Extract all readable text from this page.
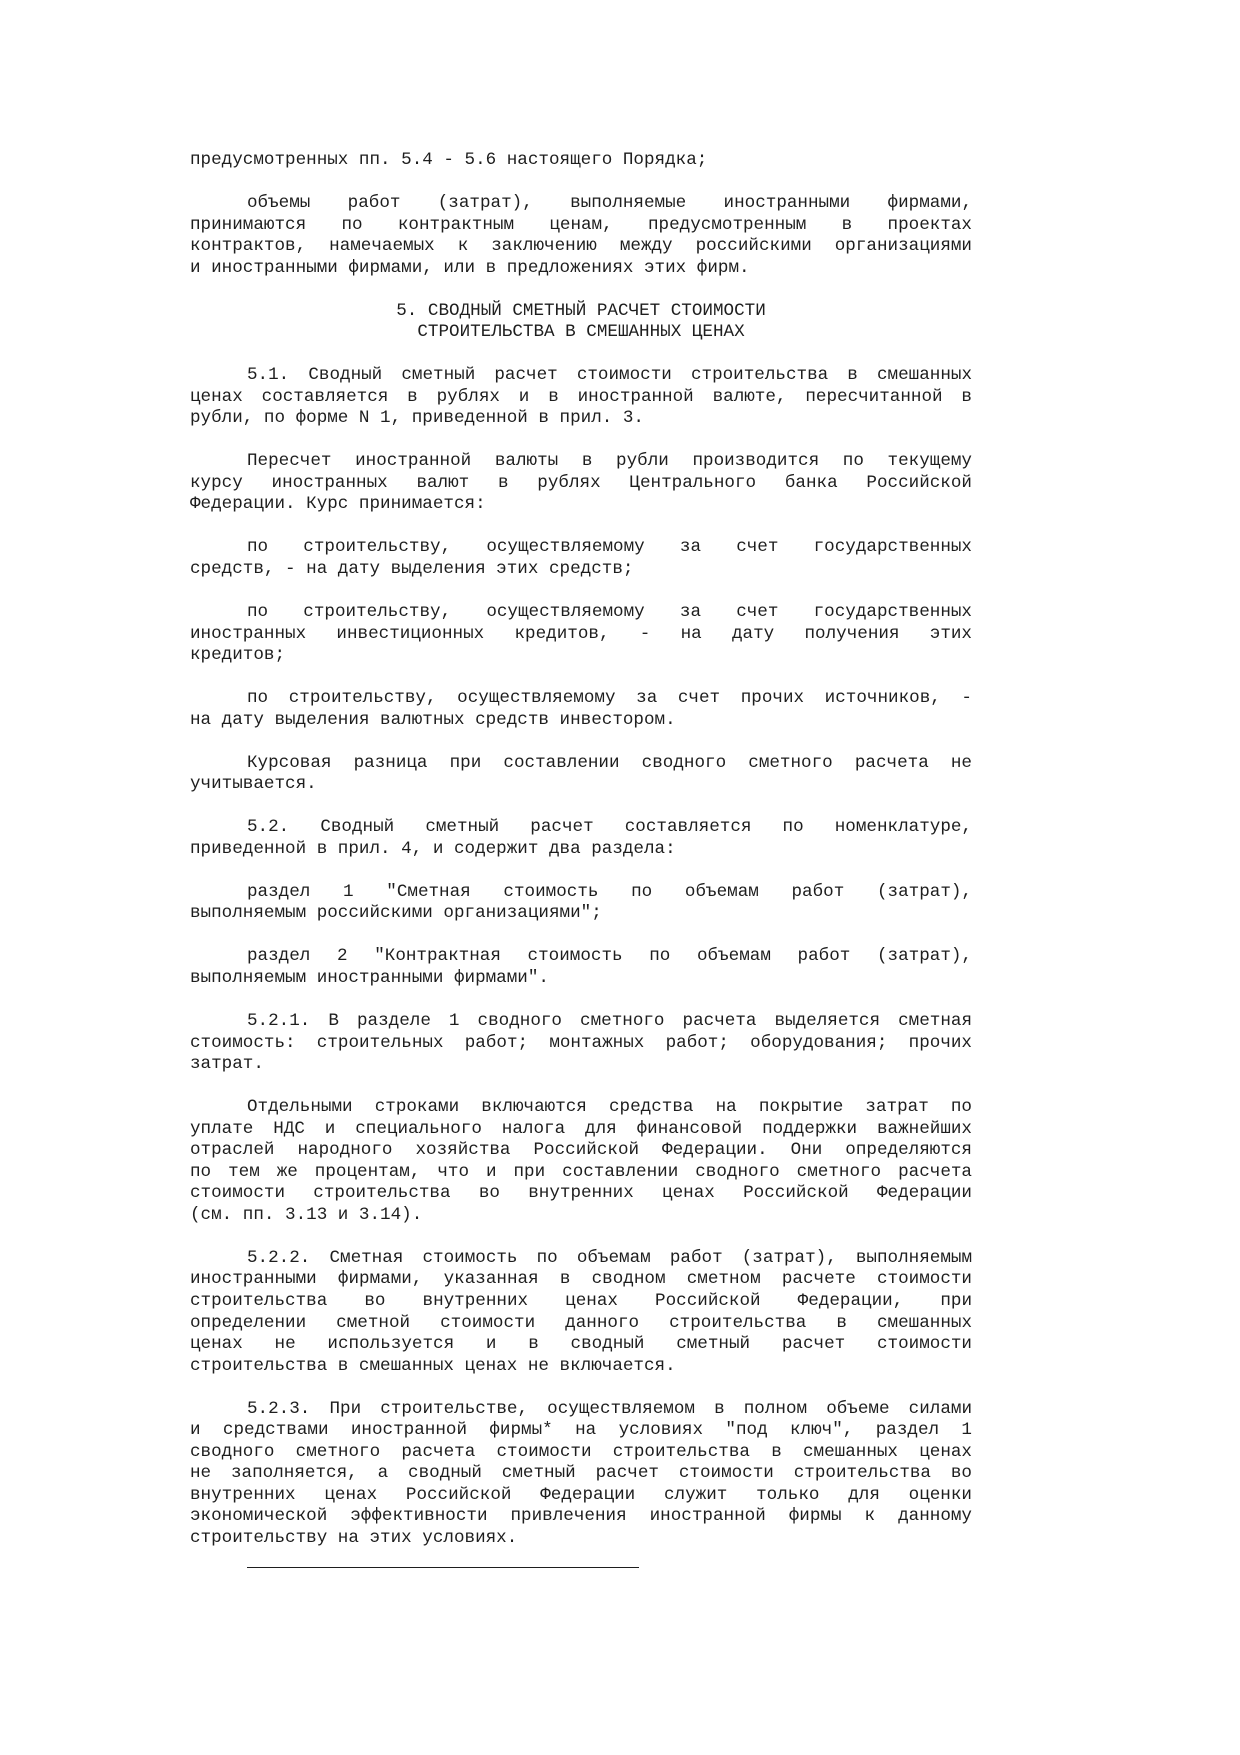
предусмотренных пп. 5.4 - 5.6 настоящего Порядка;
объемы работ (затрат), выполняемые иностранными фирмами,
принимаются по контрактным ценам, предусмотренным в проектах
контрактов, намечаемых к заключению между российскими организациями
и иностранными фирмами, или в предложениях этих фирм.
5. СВОДНЫЙ СМЕТНЫЙ РАСЧЕТ СТОИМОСТИ
СТРОИТЕЛЬСТВА В СМЕШАННЫХ ЦЕНАХ
5.1. Сводный сметный расчет стоимости строительства в смешанных
ценах составляется в рублях и в иностранной валюте, пересчитанной в
рубли, по форме N 1, приведенной в прил. 3.
Пересчет иностранной валюты в рубли производится по текущему
курсу иностранных валют в рублях Центрального банка Российской
Федерации. Курс принимается:
по строительству, осуществляемому за счет государственных
средств, - на дату выделения этих средств;
по строительству, осуществляемому за счет государственных
иностранных инвестиционных кредитов, - на дату получения этих
кредитов;
по строительству, осуществляемому за счет прочих источников, -
на дату выделения валютных средств инвестором.
Курсовая разница при составлении сводного сметного расчета не
учитывается.
5.2. Сводный сметный расчет составляется по номенклатуре,
приведенной в прил. 4, и содержит два раздела:
раздел 1 "Сметная стоимость по объемам работ (затрат),
выполняемым российскими организациями";
раздел 2 "Контрактная стоимость по объемам работ (затрат),
выполняемым иностранными фирмами".
5.2.1. В разделе 1 сводного сметного расчета выделяется сметная
стоимость: строительных работ; монтажных работ; оборудования; прочих
затрат.
Отдельными строками включаются средства на покрытие затрат по
уплате НДС и специального налога для финансовой поддержки важнейших
отраслей народного хозяйства Российской Федерации. Они определяются
по тем же процентам, что и при составлении сводного сметного расчета
стоимости строительства во внутренних ценах Российской Федерации
(см. пп. 3.13 и 3.14).
5.2.2. Сметная стоимость по объемам работ (затрат), выполняемым
иностранными фирмами, указанная в сводном сметном расчете стоимости
строительства во внутренних ценах Российской Федерации, при
определении сметной стоимости данного строительства в смешанных
ценах не используется и в сводный сметный расчет стоимости
строительства в смешанных ценах не включается.
5.2.3. При строительстве, осуществляемом в полном объеме силами
и средствами иностранной фирмы* на условиях "под ключ", раздел 1
сводного сметного расчета стоимости строительства в смешанных ценах
не заполняется, а сводный сметный расчет стоимости строительства во
внутренних ценах Российской Федерации служит только для оценки
экономической эффективности привлечения иностранной фирмы к данному
строительству на этих условиях.
